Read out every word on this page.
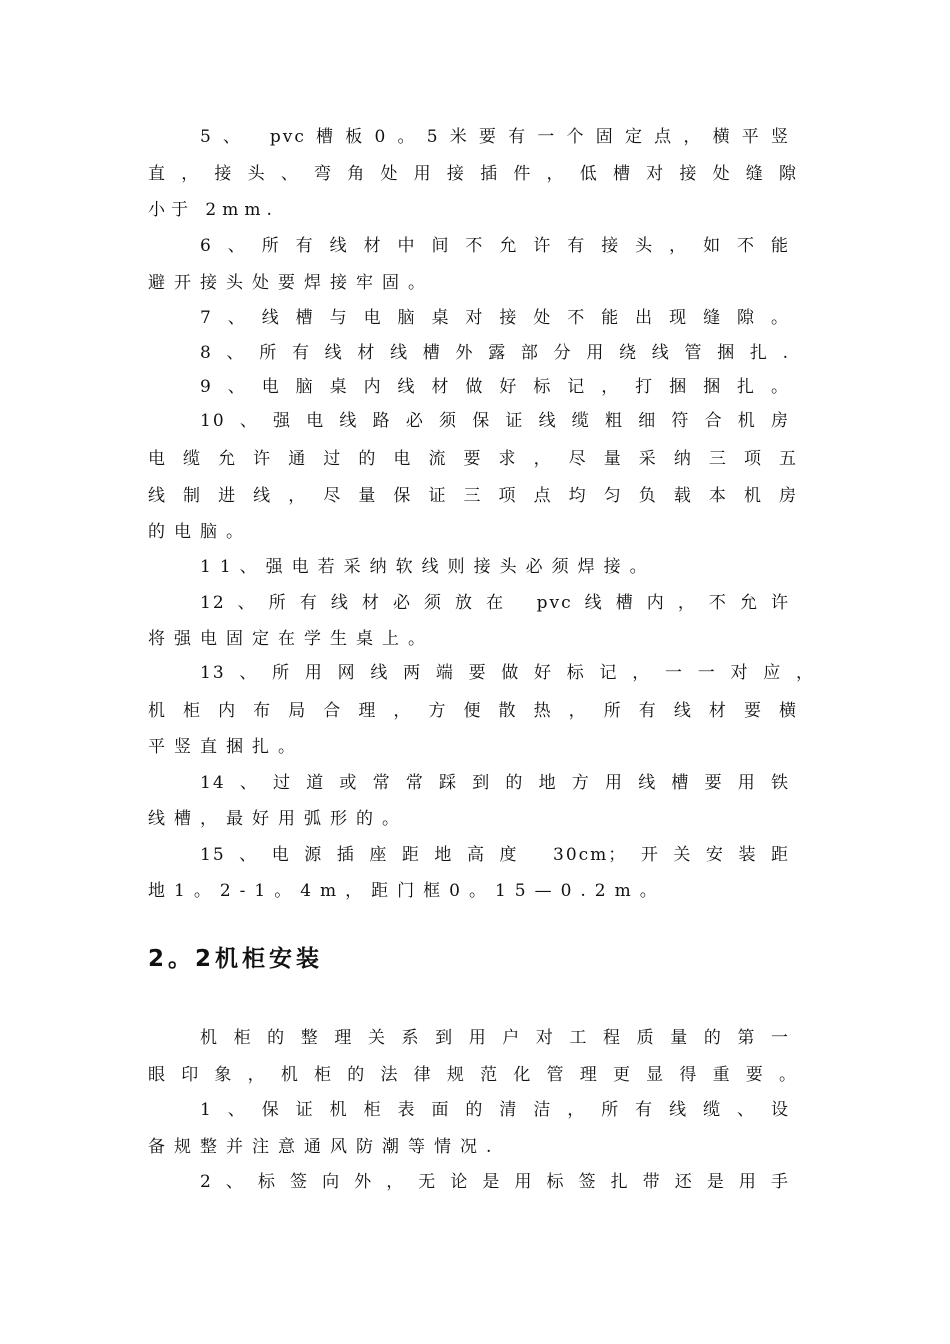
5、 pvc槽板0。5米要有一个固定点，横平竖
直，接头、弯角处用接插件，低槽对接处缝隙
小于 2mm.
6、所有线材中间不允许有接头，如不能
避开接头处要焊接牢固。
7、线槽与电脑桌对接处不能出现缝隙。
8、所有线材线槽外露部分用绕线管捆扎.
9、电脑桌内线材做好标记，打捆捆扎。
10、强电线路必须保证线缆粗细符合机房
电缆允许通过的电流要求，尽量采纳三项五
线制进线，尽量保证三项点均匀负载本机房
的电脑。
11、强电若采纳软线则接头必须焊接。
12、所有线材必须放在 pvc线槽内，不允许
将强电固定在学生桌上。
13、所用网线两端要做好标记，一一对应，
机柜内布局合理，方便散热，所有线材要横
平竖直捆扎。
14、过道或常常踩到的地方用线槽要用铁
线槽，最好用弧形的。
15、电源插座距地高度 30cm；开关安装距
地1。2-1。4m，距门框0。15—0.2m。
2。2机柜安装
机柜的整理关系到用户对工程质量的第一
眼印象，机柜的法律规范化管理更显得重要。
1、保证机柜表面的清洁，所有线缆、设
备规整并注意通风防潮等情况.
2、标签向外，无论是用标签扎带还是用手
